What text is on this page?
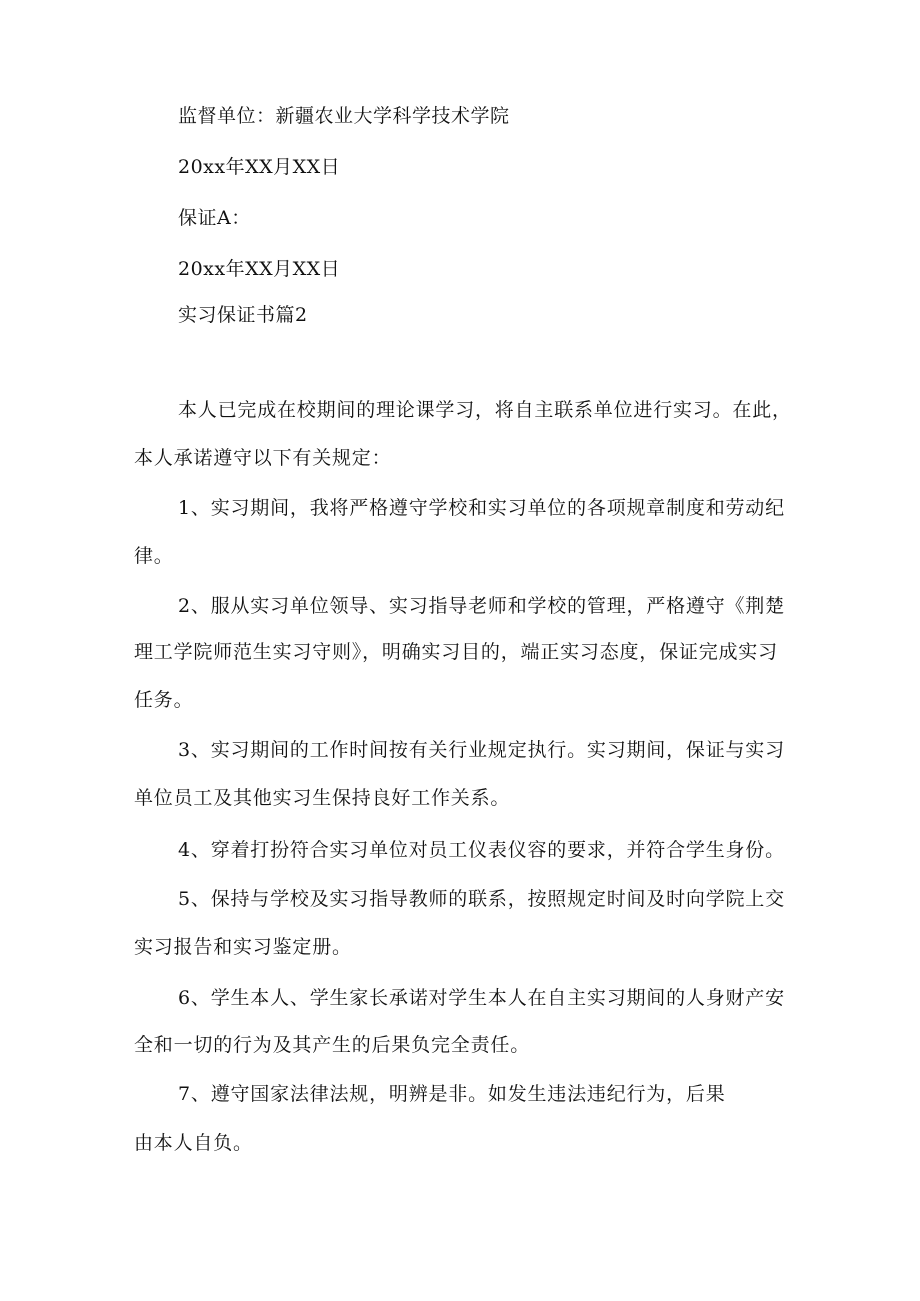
监督单位：新疆农业大学科学技术学院
20xx年XX月XX日
保证A：
20xx年XX月XX日
实习保证书篇2
本人已完成在校期间的理论课学习，将自主联系单位进行实习。在此，
本人承诺遵守以下有关规定：
1、实习期间，我将严格遵守学校和实习单位的各项规章制度和劳动纪
律。
2、服从实习单位领导、实习指导老师和学校的管理，严格遵守《荆楚
理工学院师范生实习守则》，明确实习目的，端正实习态度，保证完成实习
任务。
3、实习期间的工作时间按有关行业规定执行。实习期间，保证与实习
单位员工及其他实习生保持良好工作关系。
4、穿着打扮符合实习单位对员工仪表仪容的要求，并符合学生身份。
5、保持与学校及实习指导教师的联系，按照规定时间及时向学院上交
实习报告和实习鉴定册。
6、学生本人、学生家长承诺对学生本人在自主实习期间的人身财产安
全和一切的行为及其产生的后果负完全责任。
7、遵守国家法律法规，明辨是非。如发生违法违纪行为，后果
由本人自负。
